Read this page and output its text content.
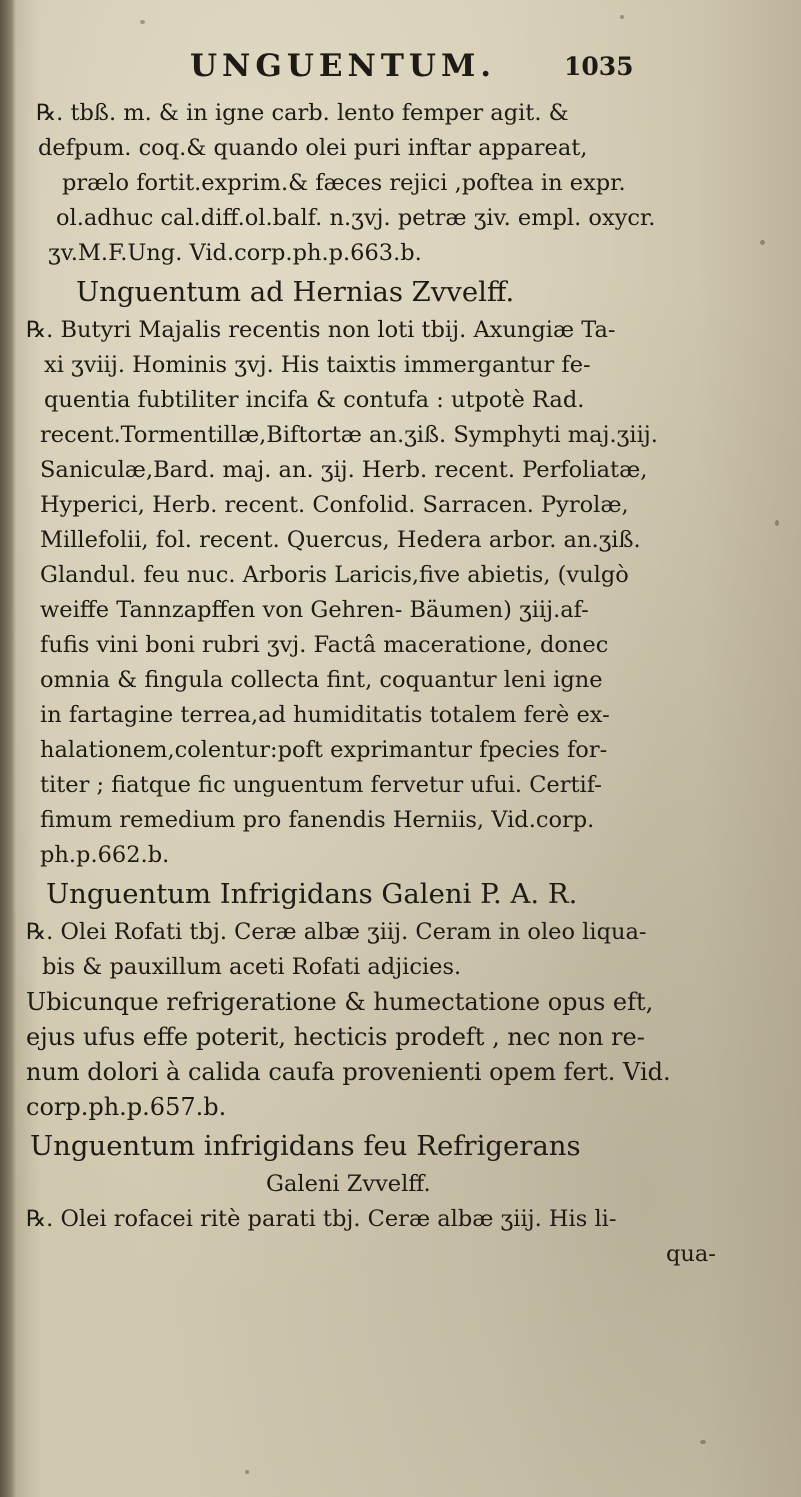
UNGUENTUM.	1035
℞. tbß. m. & in igne carb. lento femper agit. &
defpum. coq.& quando olei puri inftar appareat,
prælo fortit.exprim.& fæces rejici ,poftea in expr.
ol.adhuc cal.diff.ol.balf. n.ʒvj. petræ ʒiv. empl. oxycr.
ʒv.M.F.Ung. Vid.corp.ph.p.663.b.
Unguentum ad Hernias Zvvelff.
℞. Butyri Majalis recentis non loti tbij. Axungiæ Ta-
xi ʒviij. Hominis ʒvj. His taixtis immergantur fe-
quentia fubtiliter incifa & contufa : utpotè Rad.
recent.Tormentillæ,Biftortæ an.ʒiß. Symphyti maj.ʒiij.
Saniculæ,Bard. maj. an. ʒij. Herb. recent. Perfoliatæ,
Hyperici, Herb. recent. Confolid. Sarracen. Pyrolæ,
Millefolii, fol. recent. Quercus, Hedera arbor. an.ʒiß.
Glandul. feu nuc. Arboris Laricis,five abietis, (vulgò
weiffe Tannzapffen von Gehren- Bäumen) ʒiij.af-
fufis vini boni rubri ʒvj. Factâ maceratione, donec
omnia & fingula collecta fint, coquantur leni igne
in fartagine terrea,ad humiditatis totalem ferè ex-
halationem,colentur:poft exprimantur fpecies for-
titer ; fiatque fic unguentum fervetur ufui. Certif-
fimum remedium pro fanendis Herniis, Vid.corp.
ph.p.662.b.
Unguentum Infrigidans Galeni P. A. R.
℞. Olei Rofati tbj. Ceræ albæ ʒiij. Ceram in oleo liqua-
bis & pauxillum aceti Rofati adjicies.
Ubicunque refrigeratione & humectatione opus eft,
ejus ufus effe poterit, hecticis prodeft , nec non re-
num dolori à calida caufa provenienti opem fert. Vid.
corp.ph.p.657.b.
Unguentum infrigidans feu Refrigerans
Galeni Zvvelff.
℞. Olei rofacei ritè parati tbj. Ceræ albæ ʒiij. His li-
qua-
